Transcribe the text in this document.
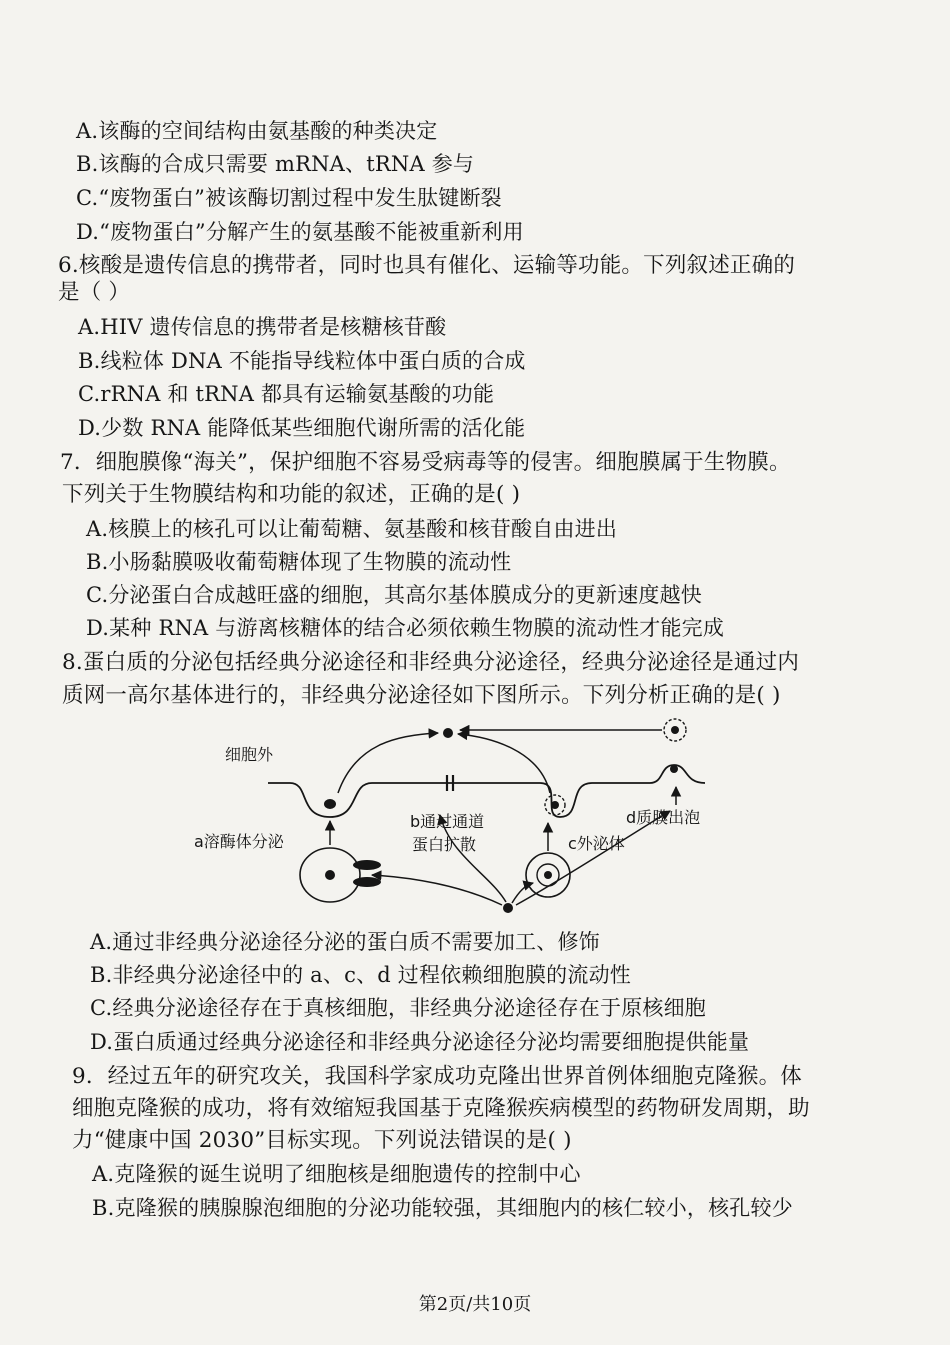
A.该酶的空间结构由氨基酸的种类决定
B.该酶的合成只需要 mRNA、tRNA 参与
C.“废物蛋白”被该酶切割过程中发生肽键断裂
D.“废物蛋白”分解产生的氨基酸不能被重新利用
6.核酸是遗传信息的携带者，同时也具有催化、运输等功能。下列叙述正确的
是（ ）
A.HIV 遗传信息的携带者是核糖核苷酸
B.线粒体 DNA 不能指导线粒体中蛋白质的合成
C.rRNA 和 tRNA 都具有运输氨基酸的功能
D.少数 RNA 能降低某些细胞代谢所需的活化能
7．细胞膜像“海关”，保护细胞不容易受病毒等的侵害。细胞膜属于生物膜。
下列关于生物膜结构和功能的叙述，正确的是( )
A.核膜上的核孔可以让葡萄糖、氨基酸和核苷酸自由进出
B.小肠黏膜吸收葡萄糖体现了生物膜的流动性
C.分泌蛋白合成越旺盛的细胞，其高尔基体膜成分的更新速度越快
D.某种 RNA 与游离核糖体的结合必须依赖生物膜的流动性才能完成
8.蛋白质的分泌包括经典分泌途径和非经典分泌途径，经典分泌途径是通过内
质网一高尔基体进行的，非经典分泌途径如下图所示。下列分析正确的是( )
细胞外
b通过通道
蛋白扩散
a溶酶体分泌	c外泌体
d质膜出泡
A.通过非经典分泌途径分泌的蛋白质不需要加工、修饰
B.非经典分泌途径中的 a、c、d 过程依赖细胞膜的流动性
C.经典分泌途径存在于真核细胞，非经典分泌途径存在于原核细胞
D.蛋白质通过经典分泌途径和非经典分泌途径分泌均需要细胞提供能量
9．经过五年的研究攻关，我国科学家成功克隆出世界首例体细胞克隆猴。体
细胞克隆猴的成功，将有效缩短我国基于克隆猴疾病模型的药物研发周期，助
力“健康中国 2030”目标实现。下列说法错误的是( )
A.克隆猴的诞生说明了细胞核是细胞遗传的控制中心
B.克隆猴的胰腺腺泡细胞的分泌功能较强，其细胞内的核仁较小，核孔较少
第2页/共10页
